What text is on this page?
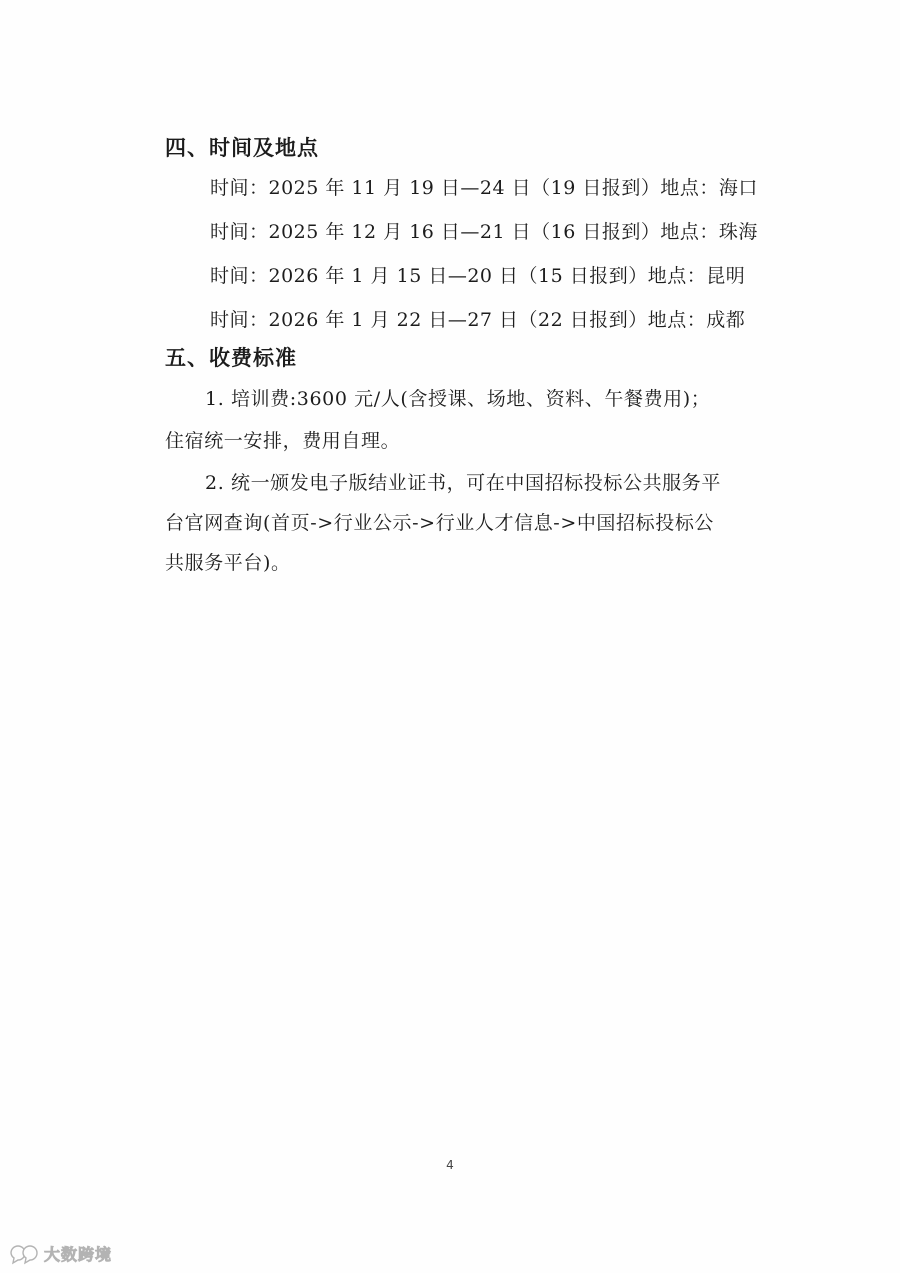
四、时间及地点
时间：2025 年 11 月 19 日—24 日（19 日报到）地点：海口
时间：2025 年 12 月 16 日—21 日（16 日报到）地点：珠海
时间：2026 年 1 月 15 日—20 日（15 日报到）地点：昆明
时间：2026 年 1 月 22 日—27 日（22 日报到）地点：成都
五、收费标准
1. 培训费:3600 元/人(含授课、场地、资料、午餐费用)；
住宿统一安排，费用自理。
2. 统一颁发电子版结业证书，可在中国招标投标公共服务平
台官网查询(首页->行业公示->行业人才信息->中国招标投标公
共服务平台)。
4
大数跨境
